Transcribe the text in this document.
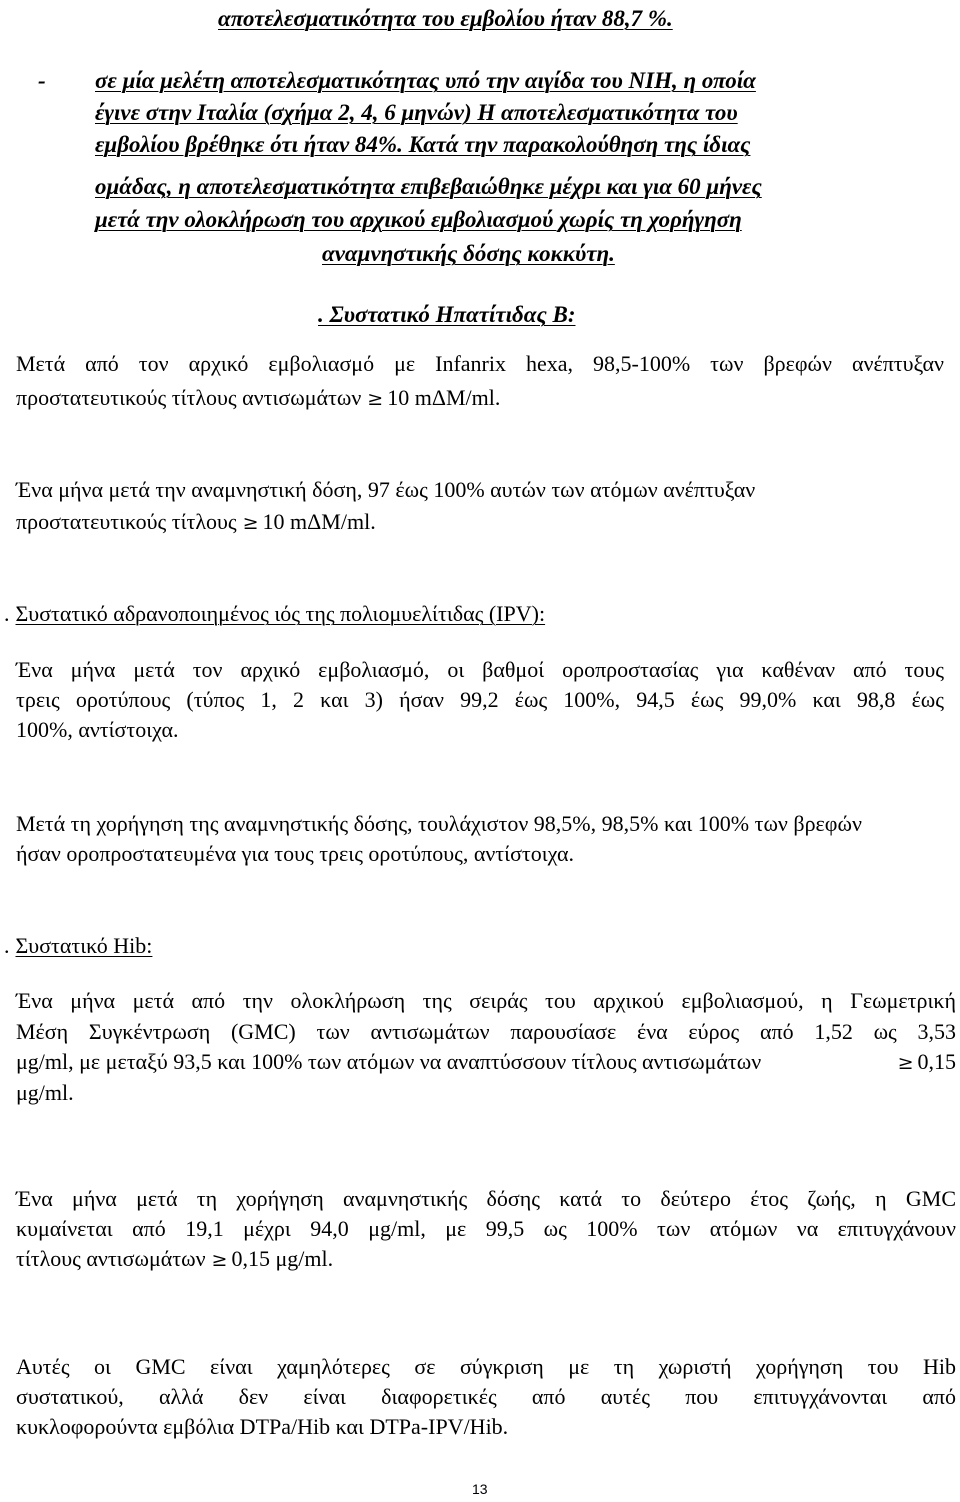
αποτελεσματικότητα του εμβολίου ήταν 88,7 %.
- σε μία μελέτη αποτελεσματικότητας υπό την αιγίδα του NIH, η οποία
έγινε στην Ιταλία (σχήμα 2, 4, 6 μηνών) Η αποτελεσματικότητα του
εμβολίου βρέθηκε ότι ήταν 84%. Κατά την παρακολούθηση της ίδιας
ομάδας, η αποτελεσματικότητα επιβεβαιώθηκε μέχρι και για 60 μήνες
μετά την ολοκλήρωση του αρχικού εμβολιασμού χωρίς τη χορήγηση
αναμνηστικής δόσης κοκκύτη.
. Συστατικό Ηπατίτιδας Β:
Μετά από τον αρχικό εμβολιασμό με Infanrix hexa, 98,5-100% των βρεφών ανέπτυξαν
προστατευτικούς τίτλους αντισωμάτων ≥ 10 mΔM/ml.
Ένα μήνα μετά την αναμνηστική δόση, 97 έως 100% αυτών των ατόμων ανέπτυξαν
προστατευτικούς τίτλους ≥ 10 mΔM/ml.
. Συστατικό αδρανοποιημένος ιός της πολιομυελίτιδας (IPV):
Ένα μήνα μετά τον αρχικό εμβολιασμό, οι βαθμοί οροπροστασίας για καθέναν από τους
τρεις οροτύπους (τύπος 1, 2 και 3) ήσαν 99,2 έως 100%, 94,5 έως 99,0% και 98,8 έως
100%, αντίστοιχα.
Μετά τη χορήγηση της αναμνηστικής δόσης, τουλάχιστον 98,5%, 98,5% και 100% των βρεφών
ήσαν οροπροστατευμένα για τους τρεις οροτύπους, αντίστοιχα.
. Συστατικό Hib:
Ένα μήνα μετά από την ολοκλήρωση της σειράς του αρχικού εμβολιασμού, η Γεωμετρική
Μέση Συγκέντρωση (GMC) των αντισωμάτων παρουσίασε ένα εύρος από 1,52 ως 3,53
μg/ml, με μεταξύ 93,5 και 100% των ατόμων να αναπτύσσουν τίτλους αντισωμάτων	≥ 0,15
μg/ml.
Ένα μήνα μετά τη χορήγηση αναμνηστικής δόσης κατά το δεύτερο έτος ζωής, η GMC
κυμαίνεται από 19,1 μέχρι 94,0 μg/ml, με 99,5 ως 100% των ατόμων να επιτυγχάνουν
τίτλους αντισωμάτων ≥ 0,15 μg/ml.
Αυτές οι GMC είναι χαμηλότερες σε σύγκριση με τη χωριστή χορήγηση του Hib
συστατικού, αλλά δεν είναι διαφορετικές από αυτές που επιτυγχάνονται από
κυκλοφορούντα εμβόλια DTPa/Hib και DTPa-IPV/Hib.
13
